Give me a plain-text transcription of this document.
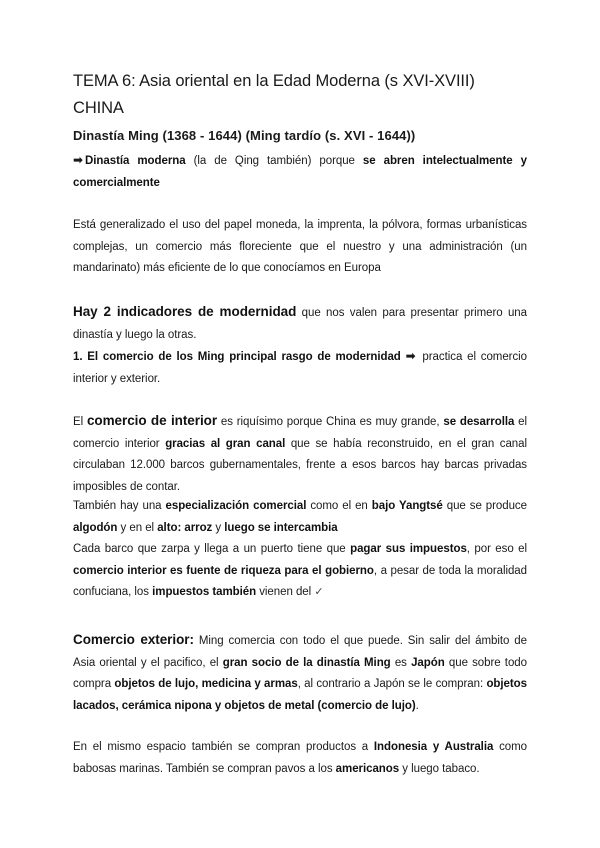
TEMA 6: Asia oriental en la Edad Moderna (s XVI-XVIII)
CHINA
Dinastía Ming (1368 - 1644) (Ming tardío (s. XVI - 1644))

➡ Dinastía moderna (la de Qing también) porque se abren intelectualmente y comercialmente

Está generalizado el uso del papel moneda, la imprenta, la pólvora, formas urbanísticas complejas, un comercio más floreciente que el nuestro y una administración (un mandarinato) más eficiente de lo que conocíamos en Europa

Hay 2 indicadores de modernidad que nos valen para presentar primero una dinastía y luego la otras.

1. El comercio de los Ming principal rasgo de modernidad ➡ practica el comercio interior y exterior.

El comercio de interior es riquísimo porque China es muy grande, se desarrolla el comercio interior gracias al gran canal que se había reconstruido, en el gran canal circulaban 12.000 barcos gubernamentales, frente a esos barcos hay barcas privadas imposibles de contar.

También hay una especialización comercial como el en bajo Yangtsé que se produce algodón y en el alto: arroz y luego se intercambia

Cada barco que zarpa y llega a un puerto tiene que pagar sus impuestos, por eso el comercio interior es fuente de riqueza para el gobierno, a pesar de toda la moralidad confuciana, los impuestos también vienen del ✓

Comercio exterior: Ming comercia con todo el que puede. Sin salir del ámbito de Asia oriental y el pacifico, el gran socio de la dinastía Ming es Japón que sobre todo compra objetos de lujo, medicina y armas, al contrario a Japón se le compran: objetos lacados, cerámica nipona y objetos de metal (comercio de lujo).

En el mismo espacio también se compran productos a Indonesia y Australia como babosas marinas. También se compran pavos a los americanos y luego tabaco.
